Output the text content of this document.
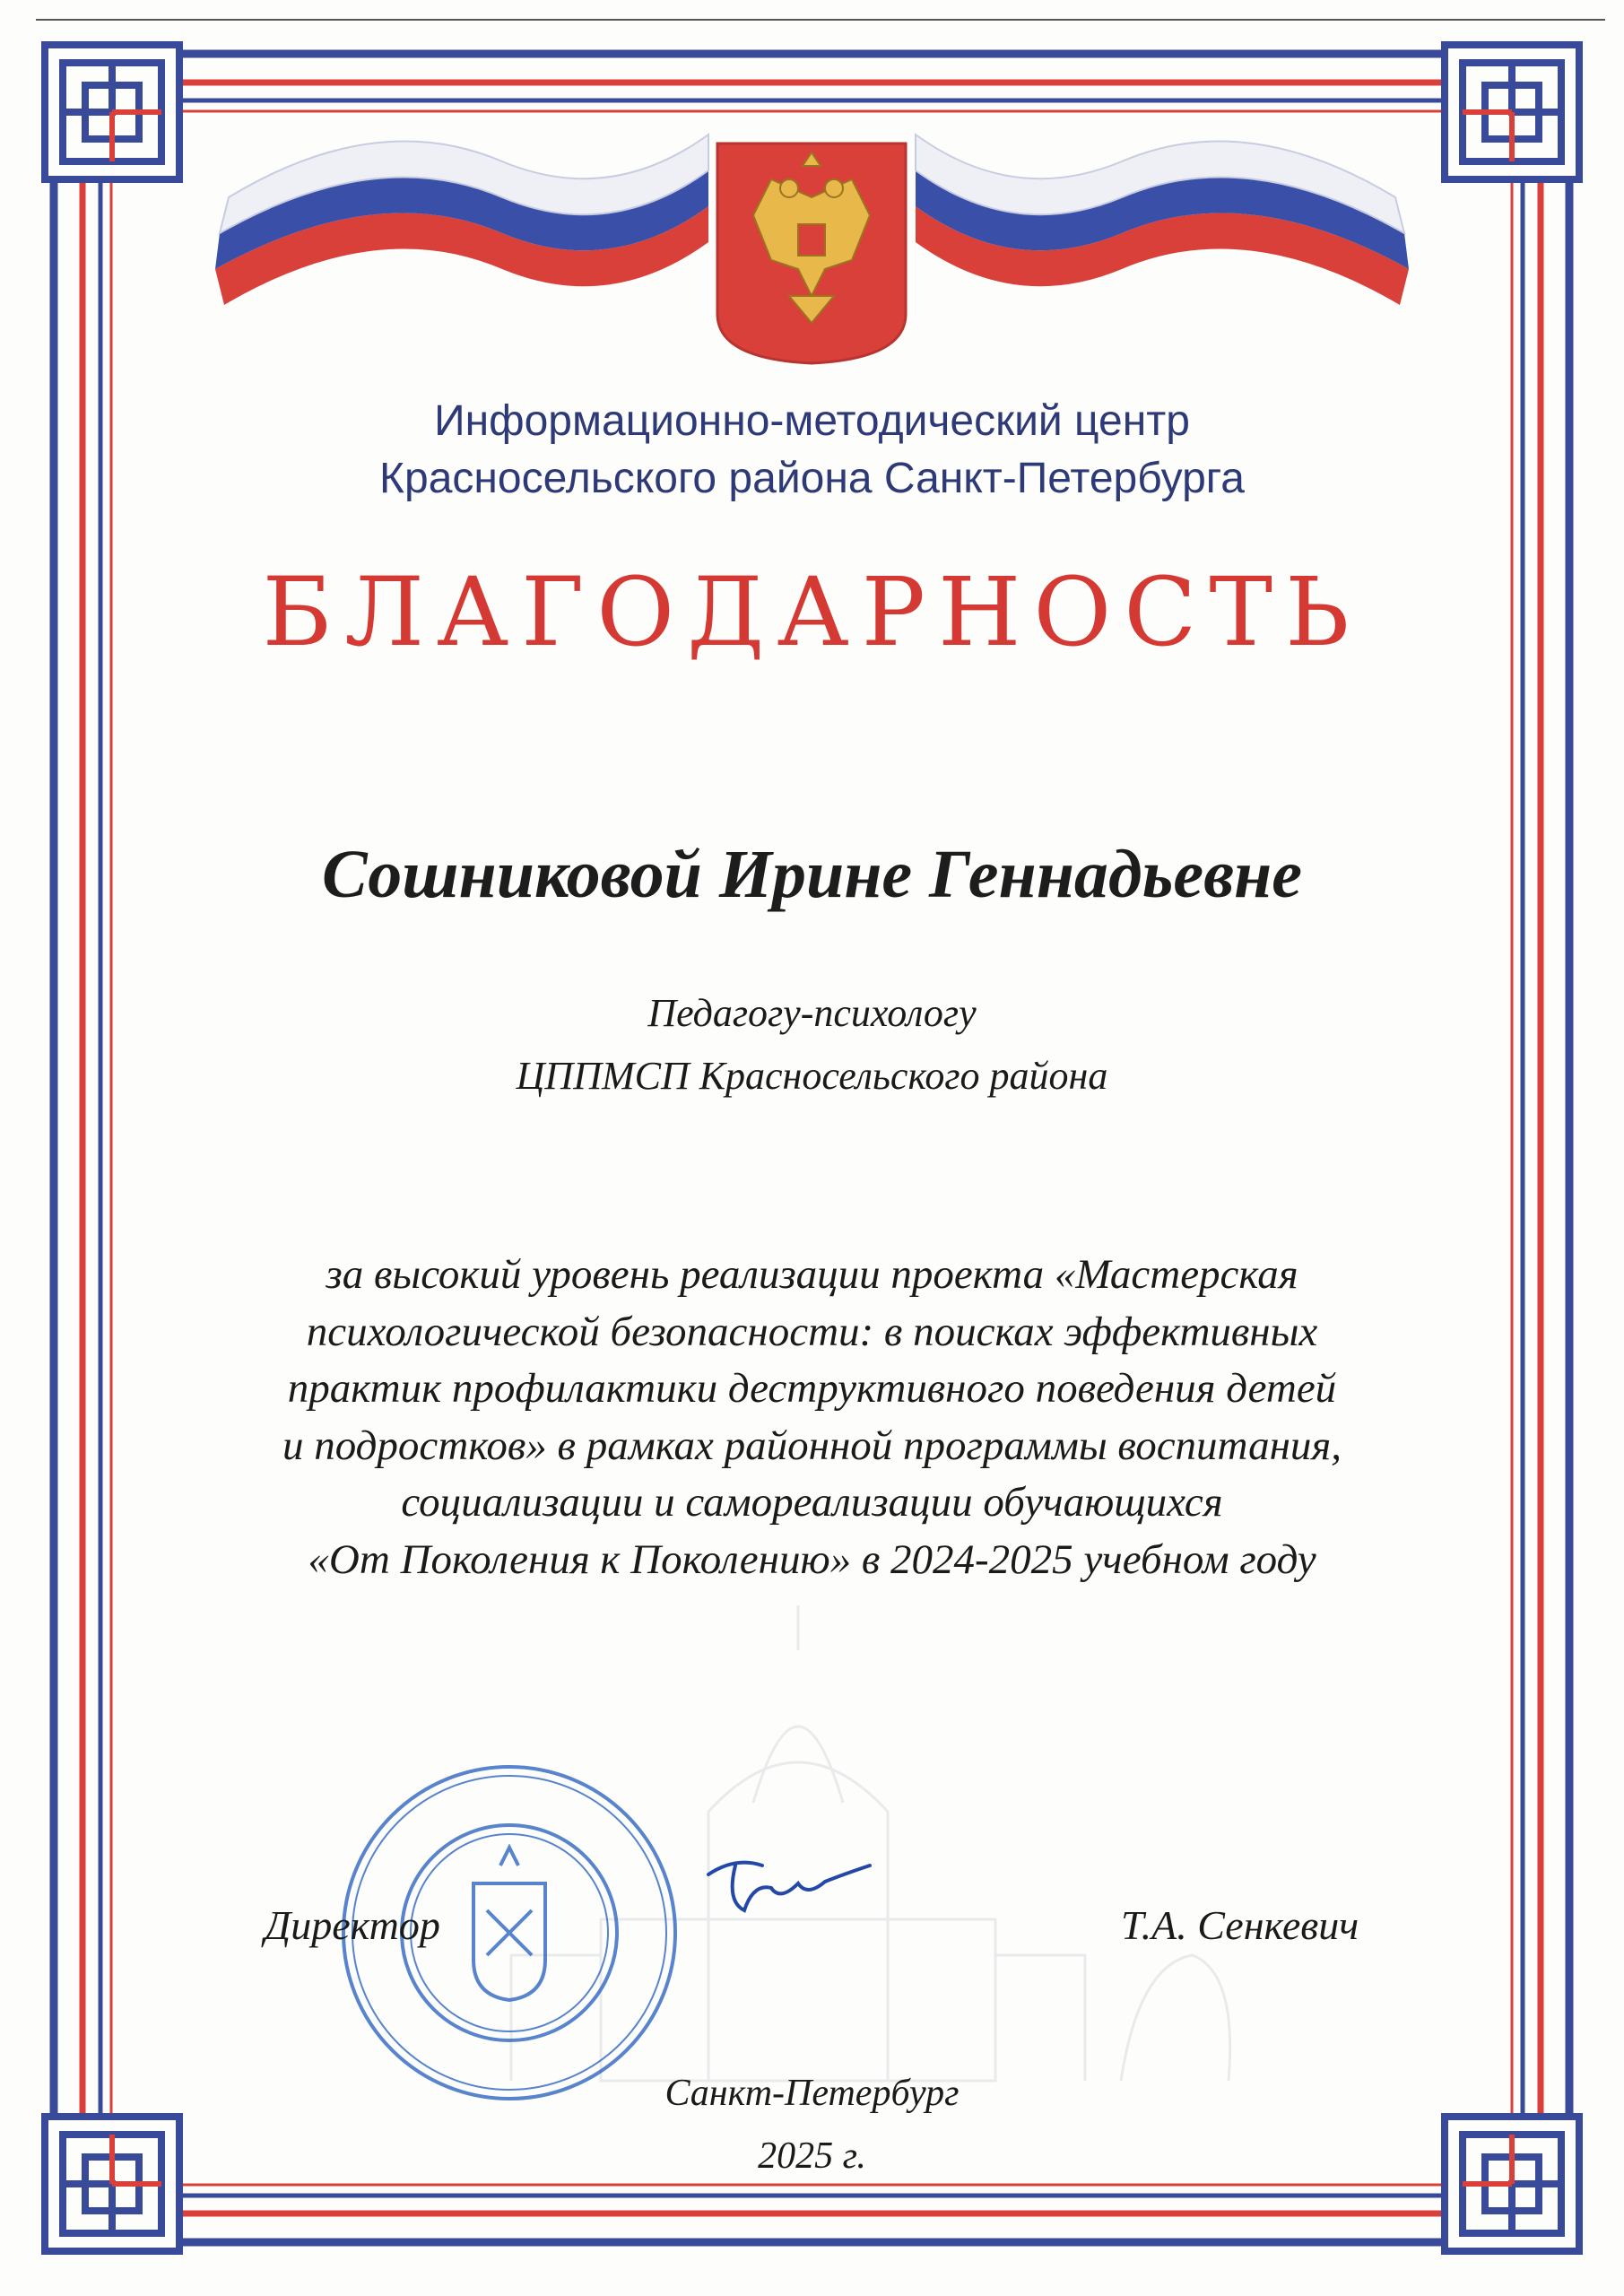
Информационно-методический центр
Красносельского района Санкт-Петербурга
БЛАГОДАРНОСТЬ
Сошниковой Ирине Геннадьевне
Педагогу-психологу
ЦППМСП Красносельского района
за высокий уровень реализации проекта «Мастерская
психологической безопасности: в поисках эффективных
практик профилактики деструктивного поведения детей
и подростков» в рамках районной программы воспитания,
социализации и самореализации обучающихся
«От Поколения к Поколению» в 2024-2025 учебном году
Директор	Т.А. Сенкевич
Санкт-Петербург
2025 г.
